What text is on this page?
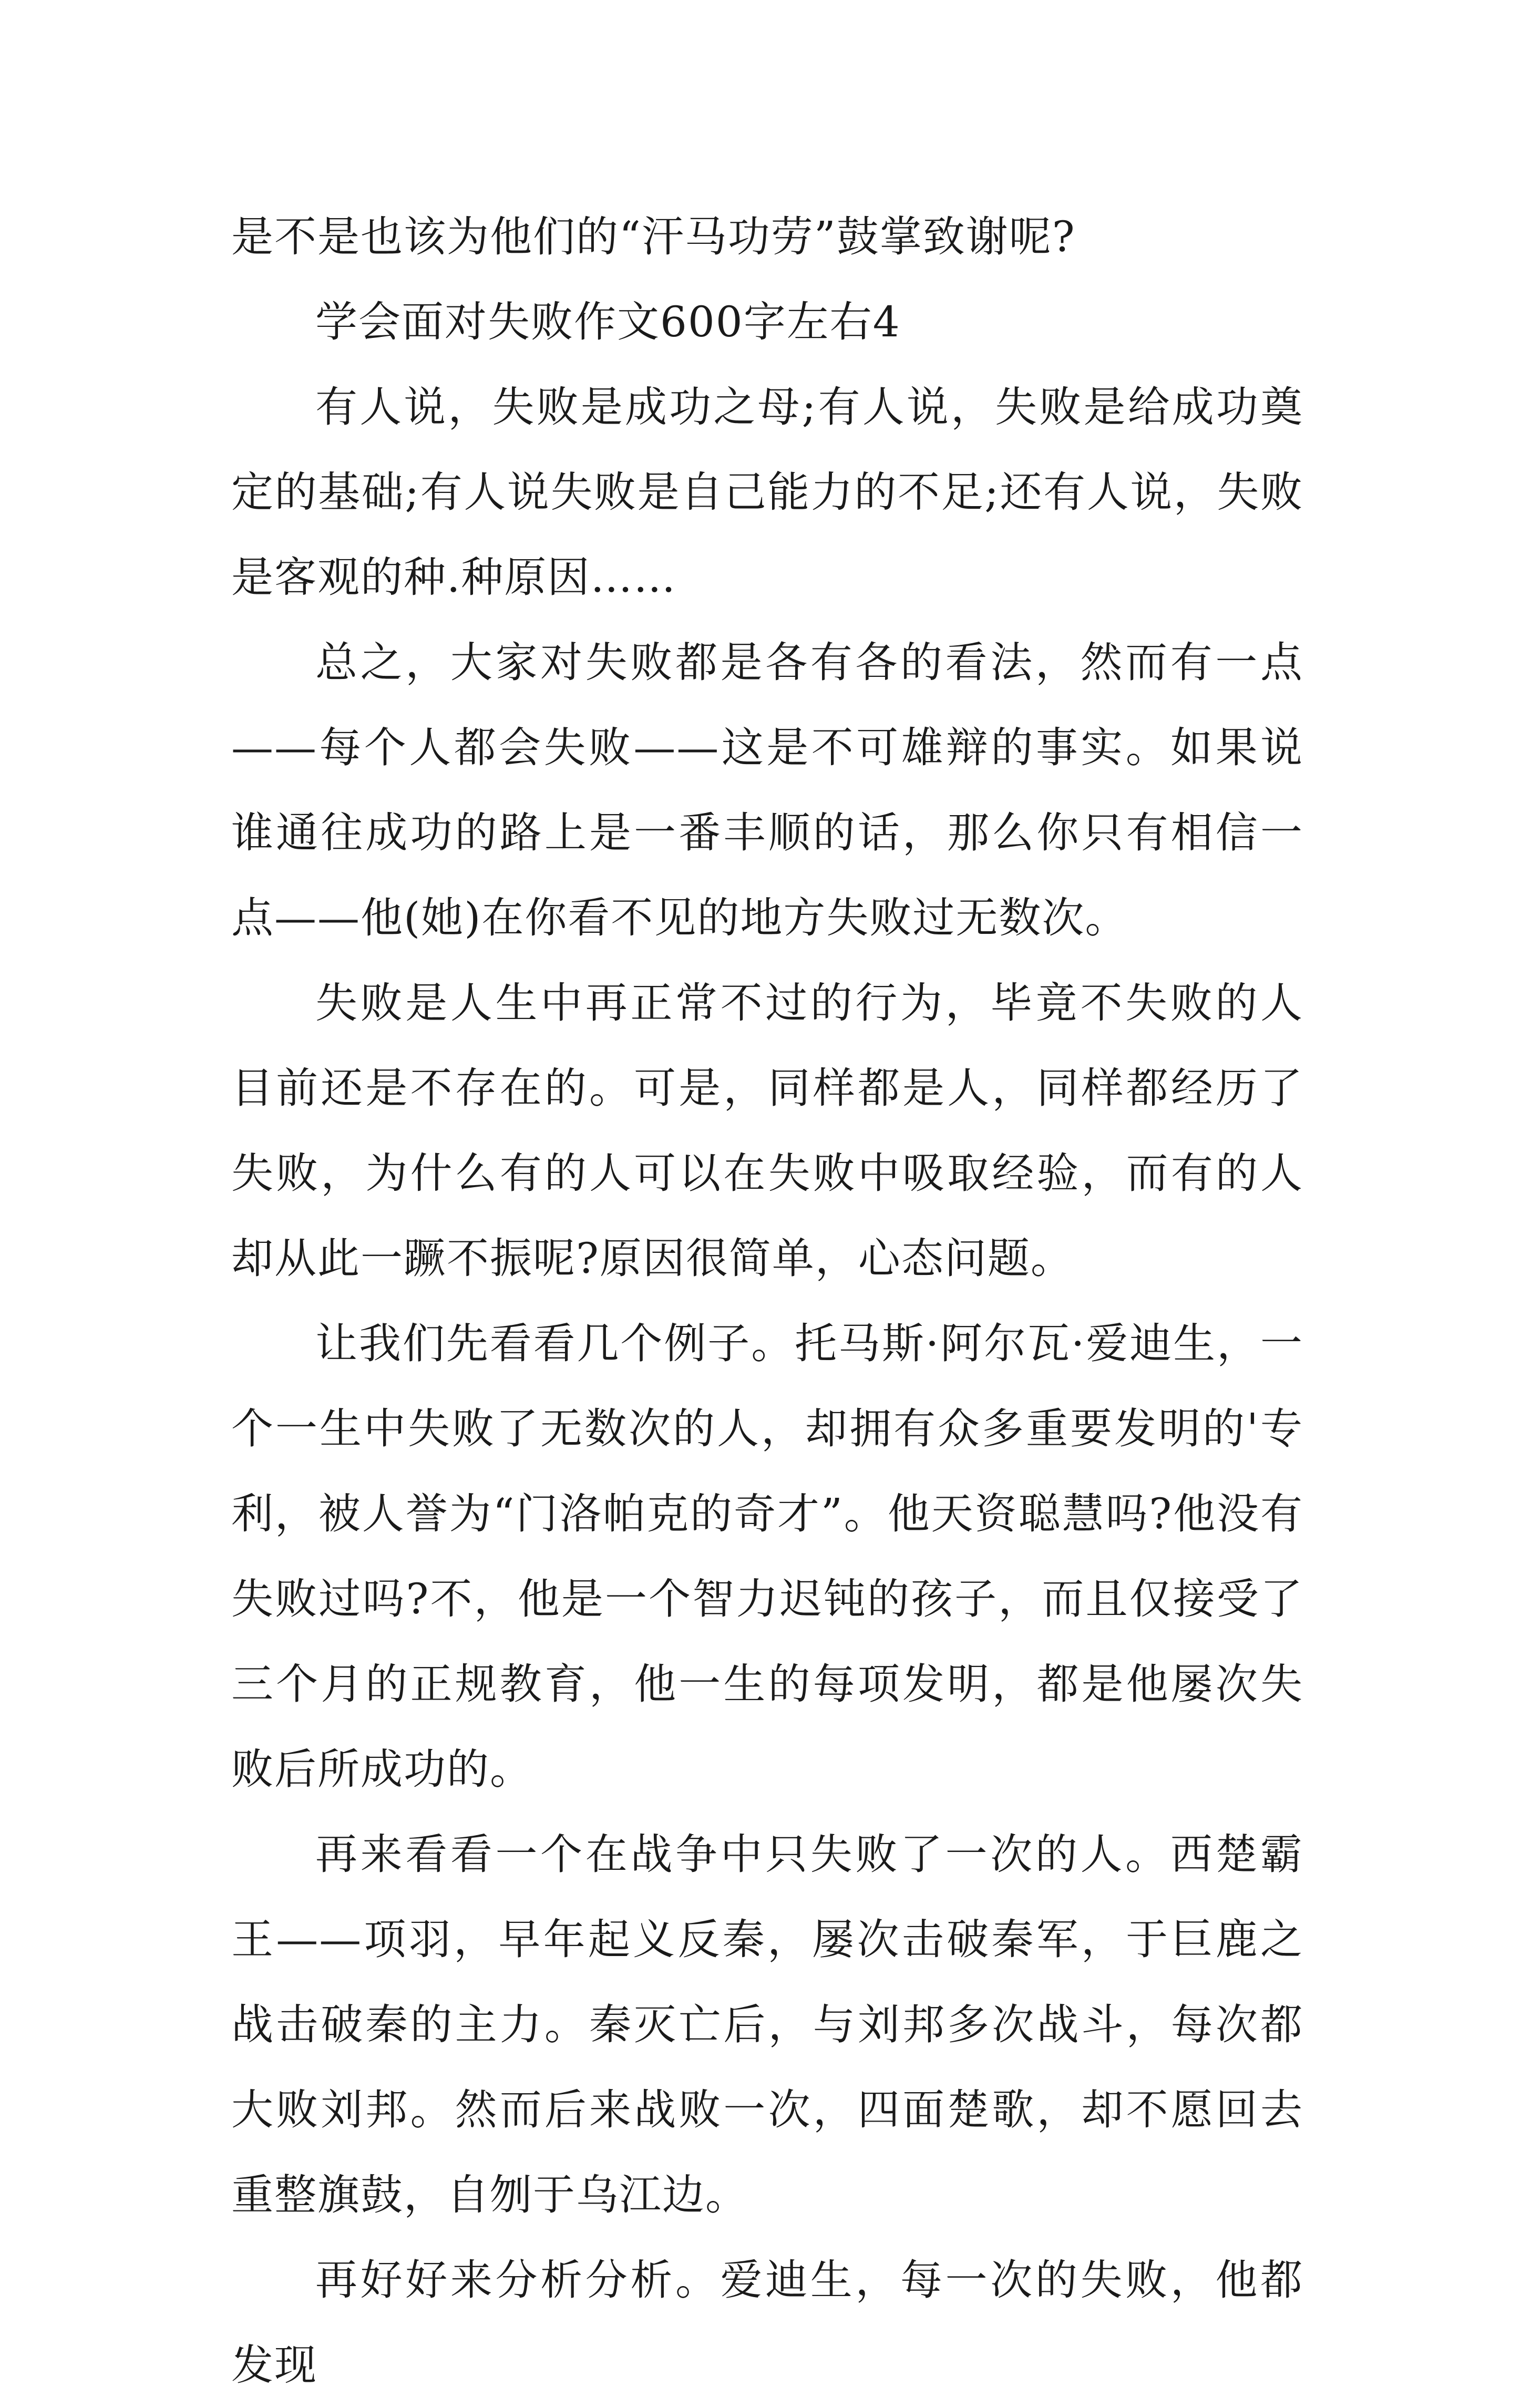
是不是也该为他们的“汗马功劳”鼓掌致谢呢?

学会面对失败作文600字左右4

有人说，失败是成功之母;有人说，失败是给成功奠定的基础;有人说失败是自己能力的不足;还有人说，失败是客观的种.种原因……

总之，大家对失败都是各有各的看法，然而有一点——每个人都会失败——这是不可雄辩的事实。如果说谁通往成功的路上是一番丰顺的话，那么你只有相信一点——他(她)在你看不见的地方失败过无数次。

失败是人生中再正常不过的行为，毕竟不失败的人目前还是不存在的。可是，同样都是人，同样都经历了失败，为什么有的人可以在失败中吸取经验，而有的人却从此一蹶不振呢?原因很简单，心态问题。

让我们先看看几个例子。托马斯·阿尔瓦·爱迪生，一个一生中失败了无数次的人，却拥有众多重要发明的'专利，被人誉为“门洛帕克的奇才”。他天资聪慧吗?他没有失败过吗?不，他是一个智力迟钝的孩子，而且仅接受了三个月的正规教育，他一生的每项发明，都是他屡次失败后所成功的。

再来看看一个在战争中只失败了一次的人。西楚霸王——项羽，早年起义反秦，屡次击破秦军，于巨鹿之战击破秦的主力。秦灭亡后，与刘邦多次战斗，每次都大败刘邦。然而后来战败一次，四面楚歌，却不愿回去重整旗鼓，自刎于乌江边。

再好好来分析分析。爱迪生，每一次的失败，他都发现
